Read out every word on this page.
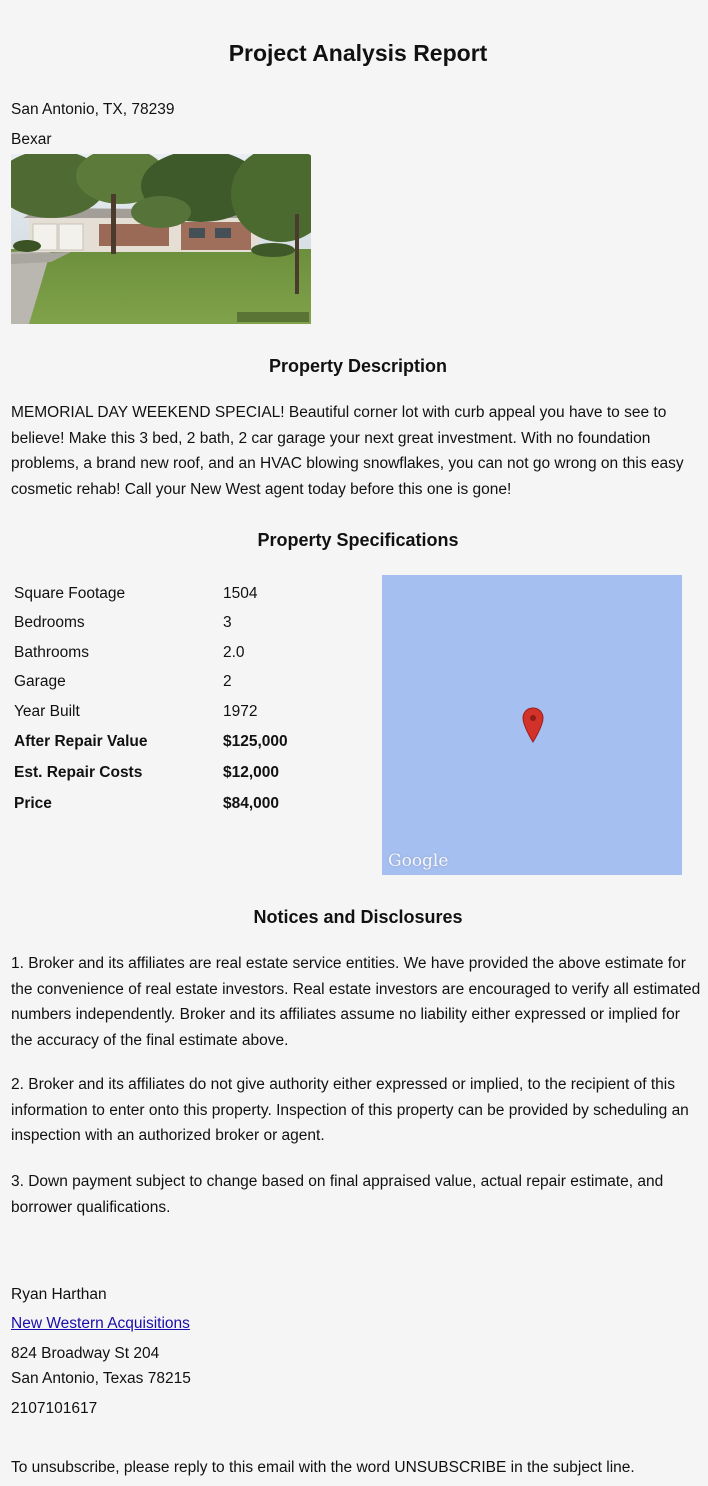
Project Analysis Report
San Antonio, TX, 78239
Bexar
Property Description
MEMORIAL DAY WEEKEND SPECIAL! Beautiful corner lot with curb appeal you have to see to believe! Make this 3 bed, 2 bath, 2 car garage your next great investment. With no foundation problems, a brand new roof, and an HVAC blowing snowflakes, you can not go wrong on this easy cosmetic rehab! Call your New West agent today before this one is gone!
Property Specifications
Square Footage	1504
Bedrooms	3
Bathrooms	2.0
Garage	2
Year Built	1972
After Repair Value	$125,000
Est. Repair Costs	$12,000
Price	$84,000
Google
Notices and Disclosures
1. Broker and its affiliates are real estate service entities. We have provided the above estimate for the convenience of real estate investors. Real estate investors are encouraged to verify all estimated numbers independently. Broker and its affiliates assume no liability either expressed or implied for the accuracy of the final estimate above.
2. Broker and its affiliates do not give authority either expressed or implied, to the recipient of this information to enter onto this property. Inspection of this property can be provided by scheduling an inspection with an authorized broker or agent.
3. Down payment subject to change based on final appraised value, actual repair estimate, and borrower qualifications.
Ryan Harthan
New Western Acquisitions
824 Broadway St 204
San Antonio, Texas 78215
2107101617
To unsubscribe, please reply to this email with the word UNSUBSCRIBE in the subject line.
